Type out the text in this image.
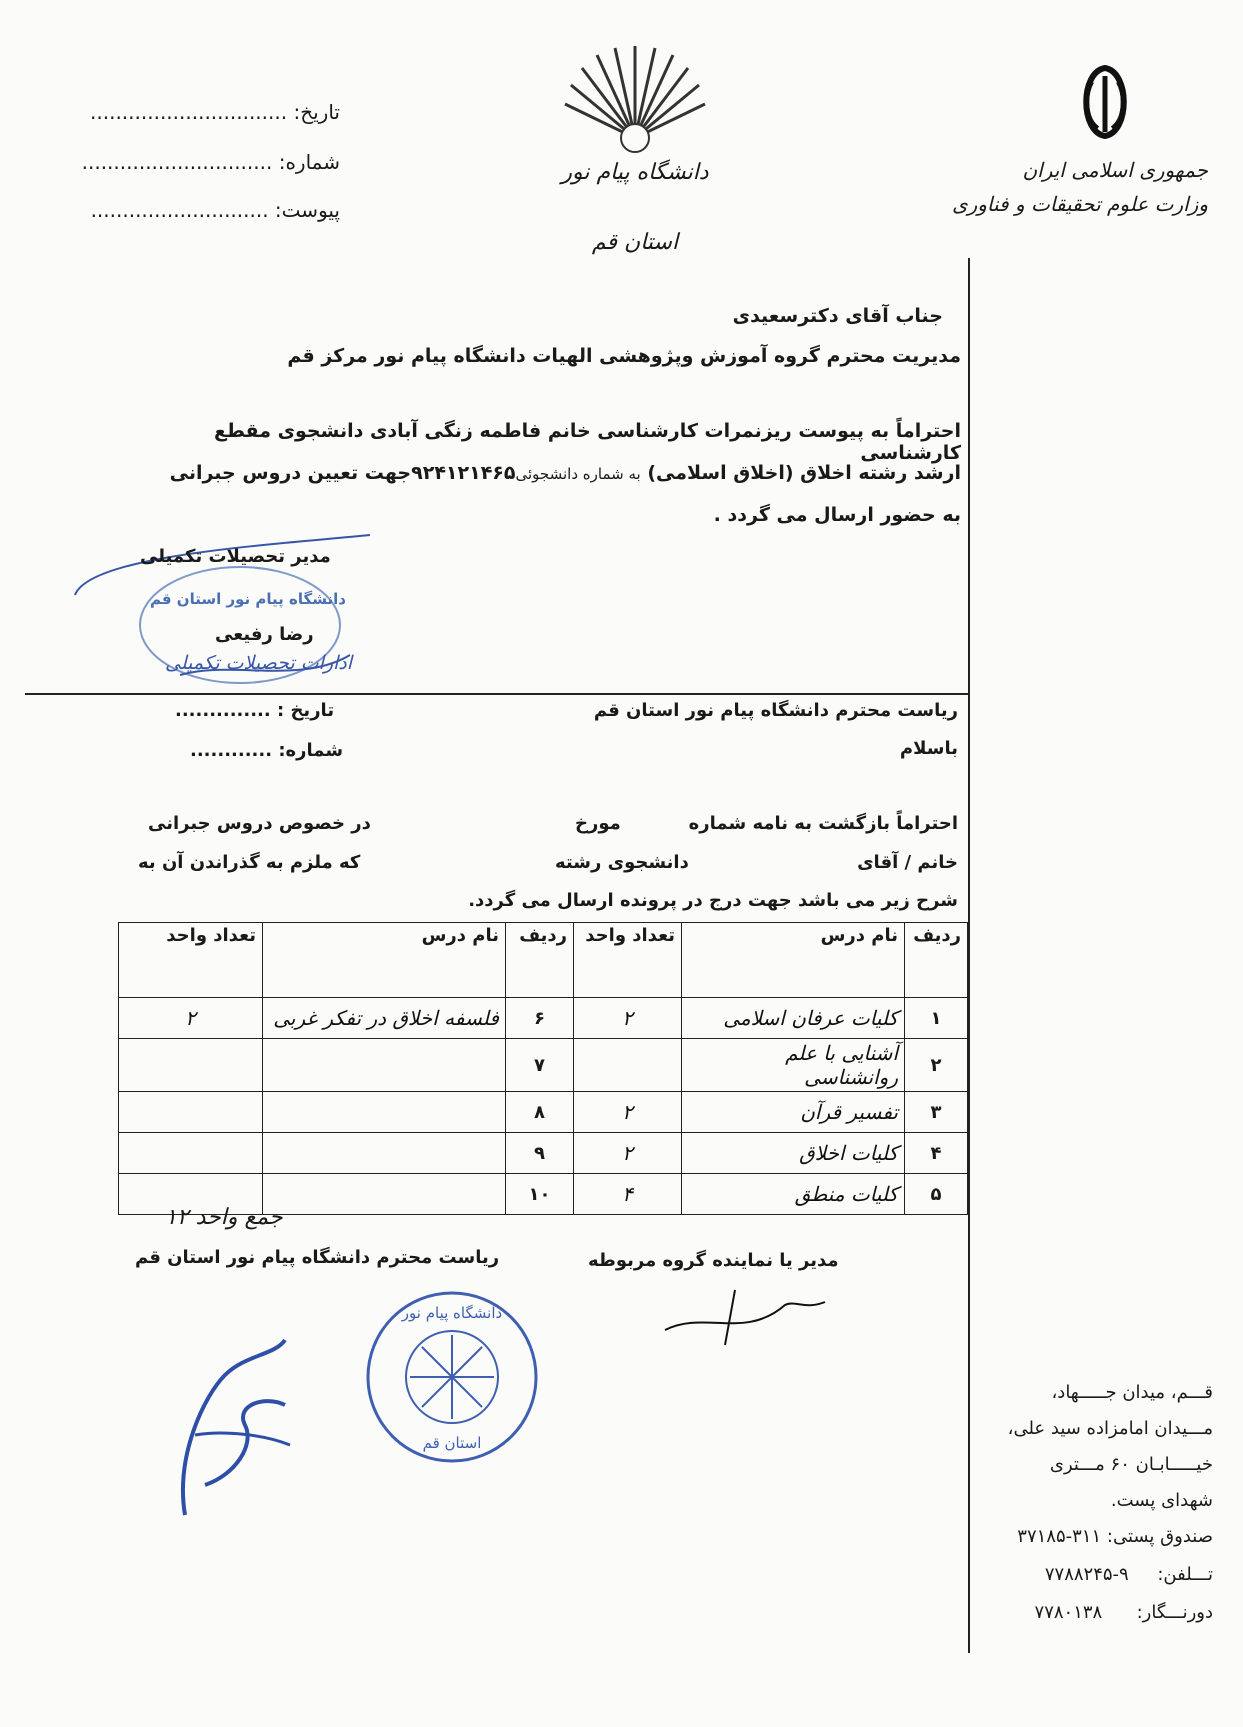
جمهوری اسلامی ایران
وزارت علوم تحقیقات و فناوری
دانشگاه پیام نور
استان قم
تاریخ: ...............................
شماره: ..............................
پیوست: ............................
جناب آقای دکترسعیدی
مدیریت محترم گروه آموزش وپژوهشی الهیات دانشگاه پیام نور مرکز قم
احتراماً به پیوست ریزنمرات کارشناسی خانم فاطمه زنگی آبادی دانشجوی مقطع کارشناسی
ارشد رشته اخلاق (اخلاق اسلامی) به شماره دانشجوئی۹۲۴۱۲۱۴۶۵جهت تعیین دروس جبرانی
به حضور ارسال می گردد .
مدیر تحصیلات تکمیلی
دانشگاه پیام نور استان قم
رضا رفیعی
ادارات تحصیلات تکمیلی
ریاست محترم دانشگاه پیام نور استان قم
باسلام
تاریخ : ..............
شماره: ............
احتراماً بازگشت به نامه شماره
مورخ
در خصوص دروس جبرانی
خانم / آقای
دانشجوی رشته
که ملزم به گذراندن آن به
شرح زیر می باشد جهت درج در پرونده ارسال می گردد.
ردیف	نام درس	تعداد واحد	ردیف	نام درس	تعداد واحد
۱	کلیات عرفان اسلامی	۲	۶	فلسفه اخلاق در تفکر غربی	۲
۲	آشنایی با علم روانشناسی		۷		
۳	تفسیر قرآن	۲	۸		
۴	کلیات اخلاق	۲	۹		
۵	کلیات منطق	۴	۱۰		
جمع واحد ۱۲
ریاست محترم دانشگاه پیام نور استان قم	مدیر یا نماینده گروه مربوطه
دانشگاه پیام نور
استان قم
قـــم، میدان جـــــهاد،
مـــیدان امامزاده سید علی،
خیـــــابـان ۶۰ مـــتری
شهدای پست.
صندوق پستی: ۳۱۱-۳۷۱۸۵
تـــلفن:     ۹-۷۷۸۸۲۴۵
دورنـــگار:      ۷۷۸۰۱۳۸
